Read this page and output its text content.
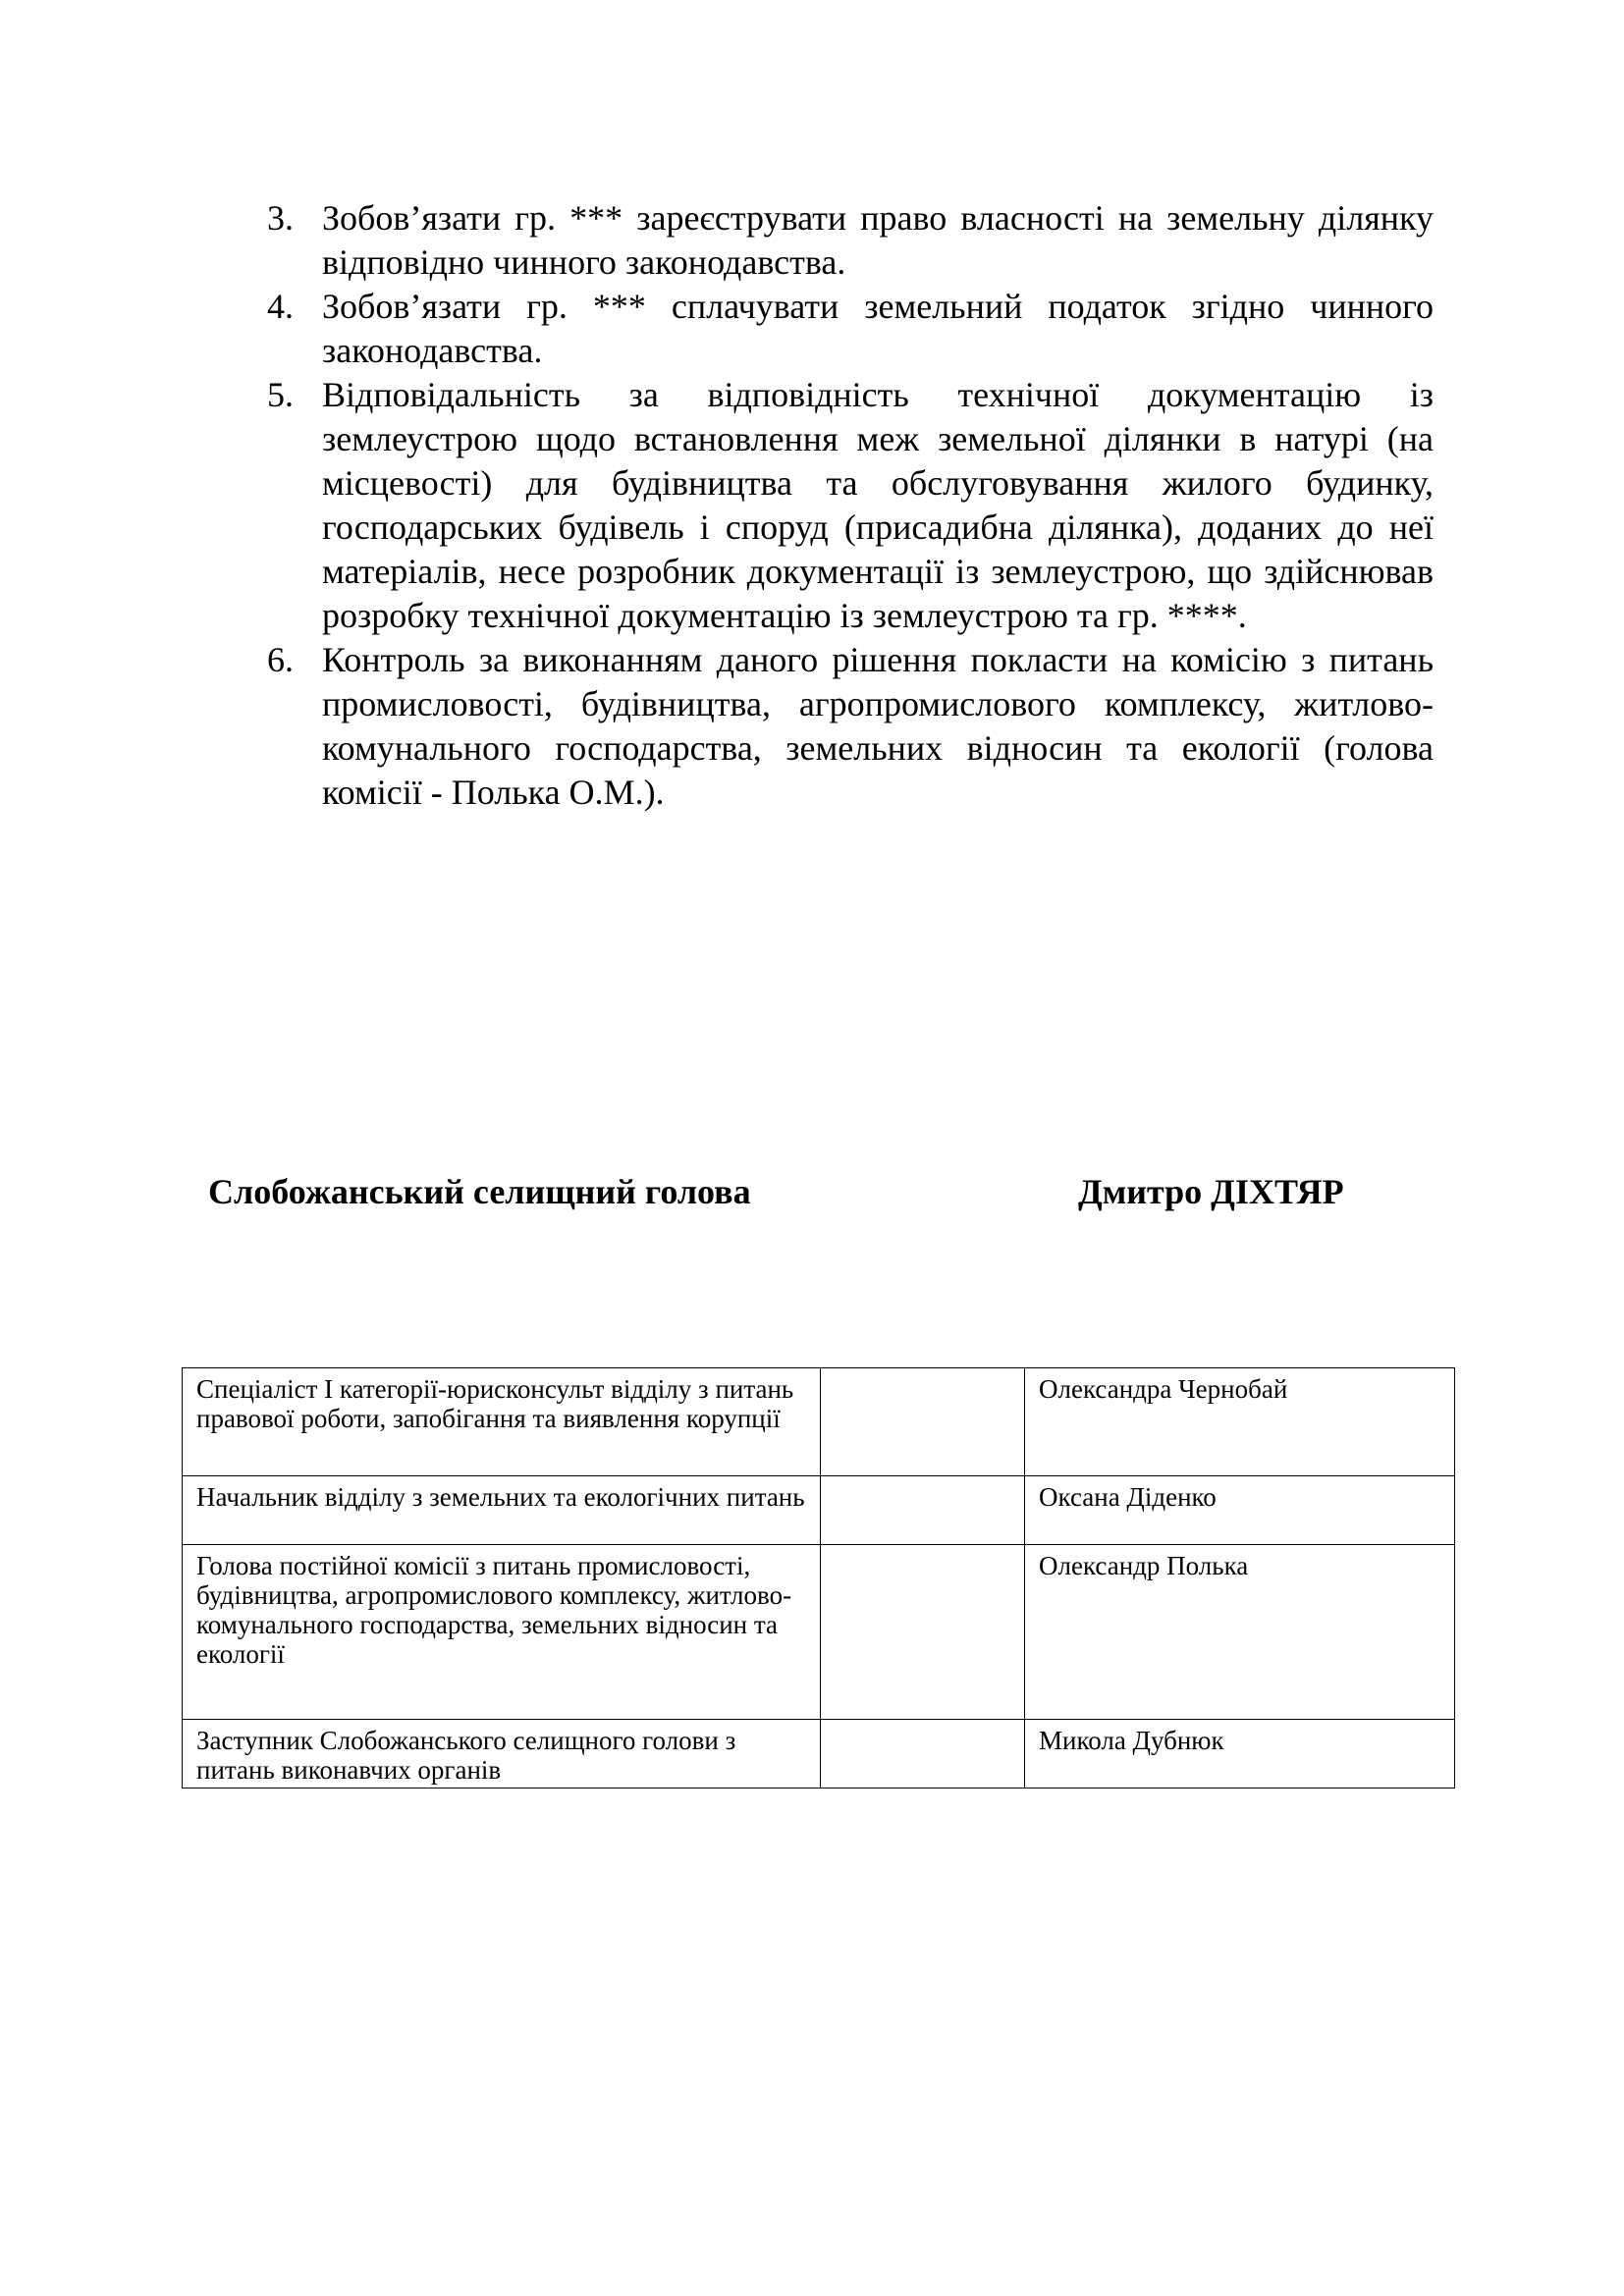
3. Зобов’язати гр. *** зареєструвати право власності на земельну ділянку відповідно чинного законодавства.
4. Зобов’язати гр. *** сплачувати земельний податок згідно чинного законодавства.
5. Відповідальність за відповідність технічної документацію із землеустрою щодо встановлення меж земельної ділянки в натурі (на місцевості) для будівництва та обслуговування жилого будинку, господарських будівель і споруд (присадибна ділянка), доданих до неї матеріалів, несе розробник документації із землеустрою, що здійснював розробку технічної документацію із землеустрою та гр. ****.
6. Контроль за виконанням даного рішення покласти на комісію з питань промисловості, будівництва, агропромислового комплексу, житлово-комунального господарства, земельних відносин та екології (голова комісії - Полька О.М.).
Слобожанський селищний голова	Дмитро ДІХТЯР
Спеціаліст І категорії-юрисконсульт відділу з питань правової роботи, запобігання та виявлення корупції		Олександра Чернобай
Начальник відділу з земельних та екологічних питань		Оксана Діденко
Голова постійної комісії з питань промисловості, будівництва, агропромислового комплексу, житлово-комунального господарства, земельних відносин та екології		Олександр Полька
Заступник Слобожанського селищного голови з питань виконавчих органів		Микола Дубнюк
